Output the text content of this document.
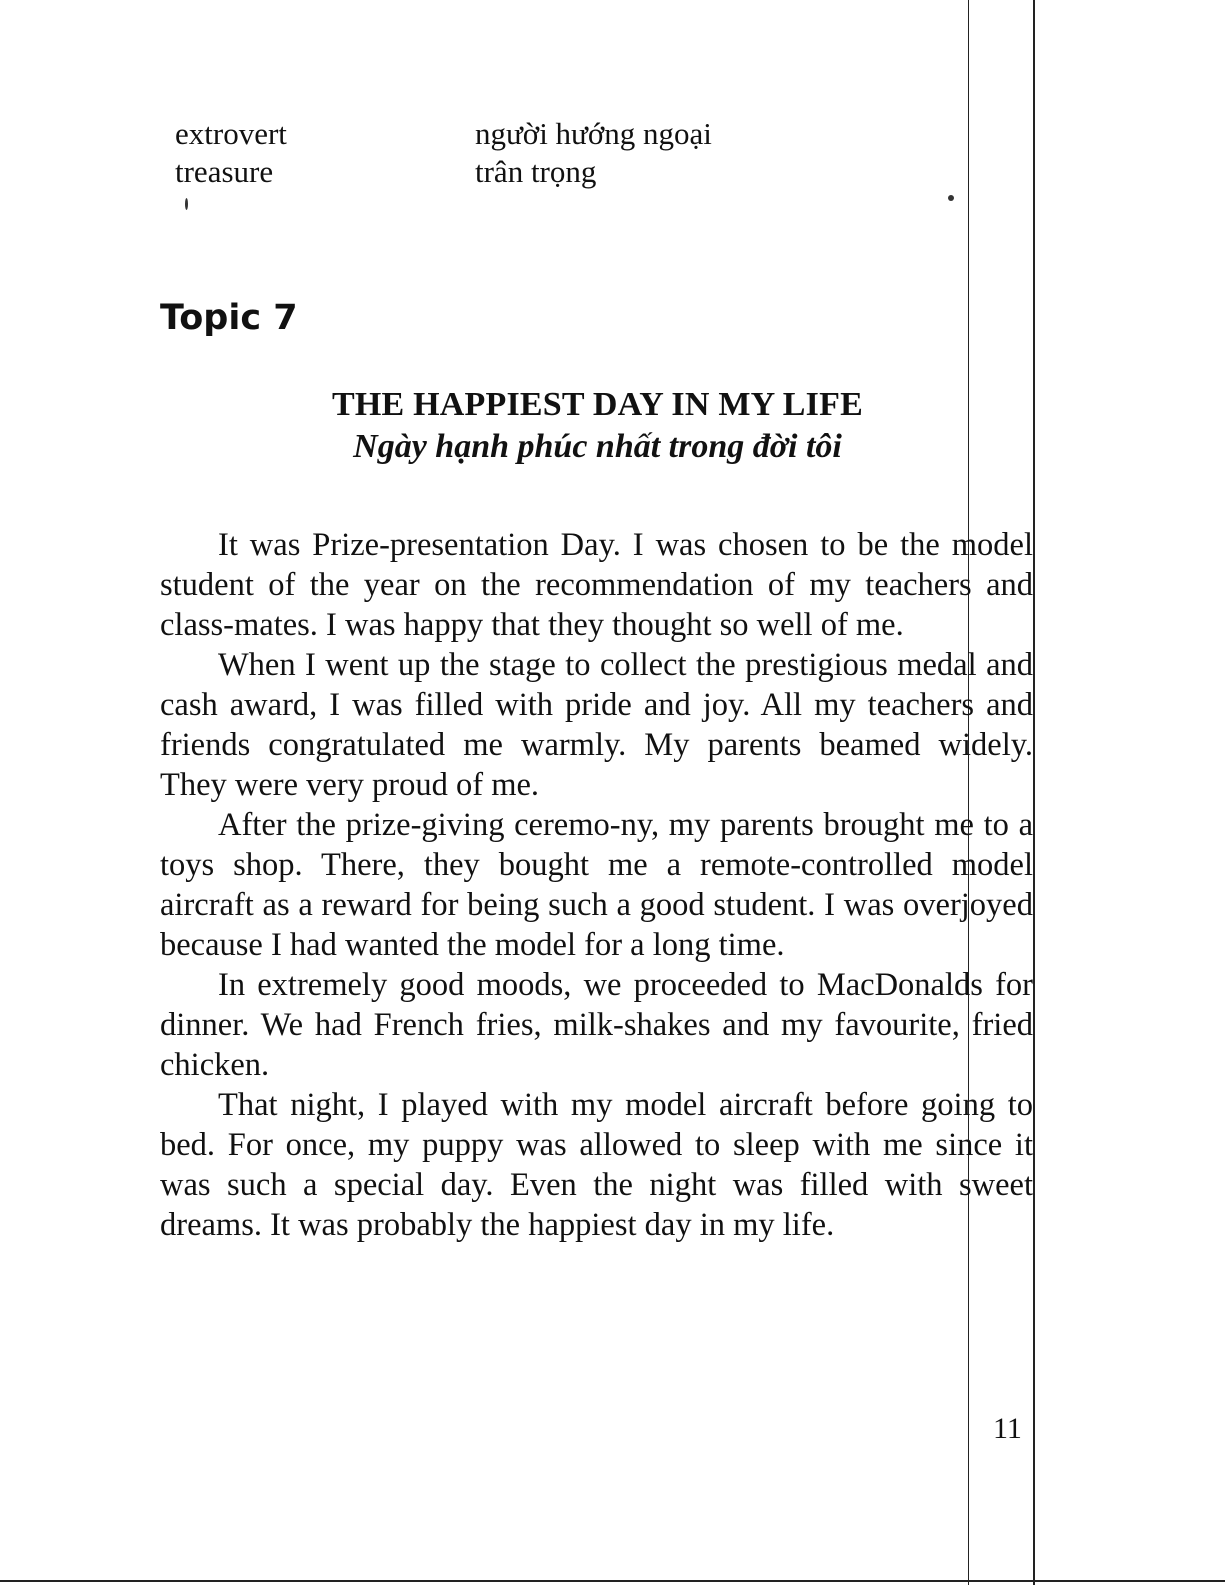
extrovert	người hướng ngoại
treasure	trân trọng
Topic 7
THE HAPPIEST DAY IN MY LIFE
Ngày hạnh phúc nhất trong đời tôi

It was Prize-presentation Day. I was chosen to be the model student of the year on the recommendation of my teachers and class-mates. I was happy that they thought so well of me.

When I went up the stage to collect the prestigious medal and cash award, I was filled with pride and joy. All my teachers and friends congratulated me warmly. My parents beamed widely. They were very proud of me.

After the prize-giving ceremo-ny, my parents brought me to a toys shop. There, they bought me a remote-controlled model aircraft as a reward for being such a good student. I was overjoyed because I had wanted the model for a long time.

In extremely good moods, we proceeded to MacDonalds for dinner. We had French fries, milk-shakes and my favourite, fried chicken.

That night, I played with my model aircraft before going to bed. For once, my puppy was allowed to sleep with me since it was such a special day. Even the night was filled with sweet dreams. It was probably the happiest day in my life.

11
